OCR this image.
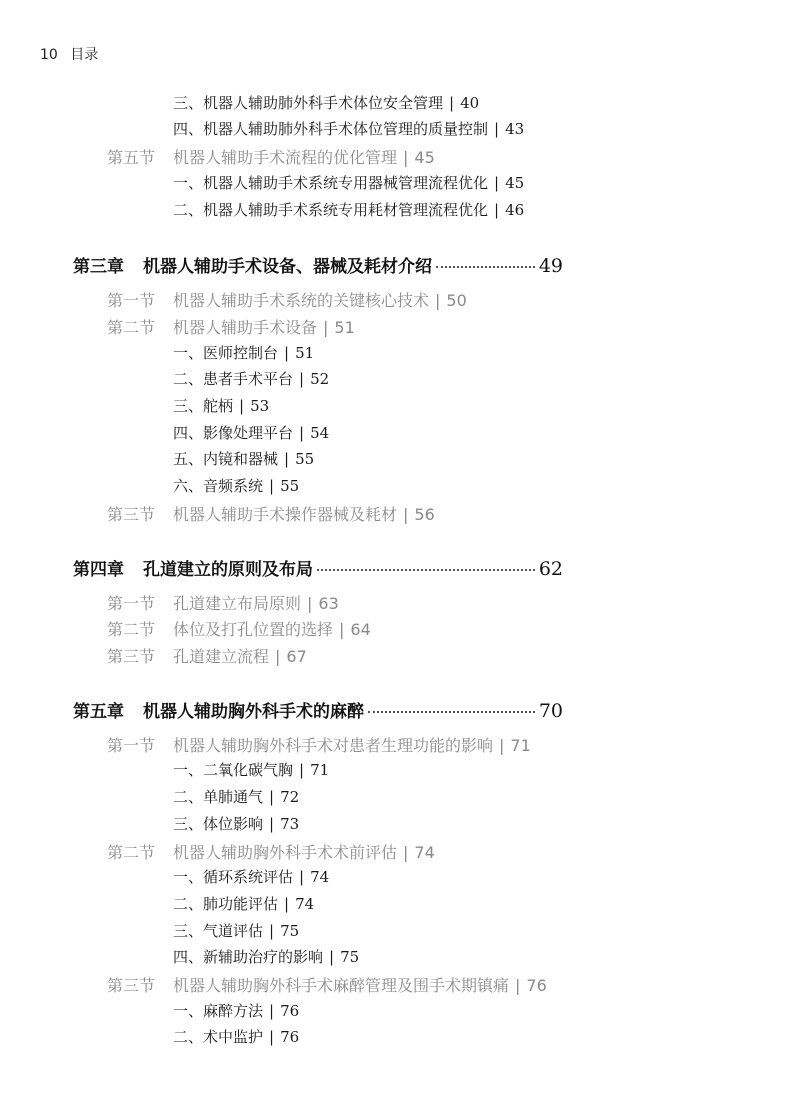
10 目录
三、机器人辅助肺外科手术体位安全管理 | 40
四、机器人辅助肺外科手术体位管理的质量控制 | 43
第五节 机器人辅助手术流程的优化管理 | 45
一、机器人辅助手术系统专用器械管理流程优化 | 45
二、机器人辅助手术系统专用耗材管理流程优化 | 46
第三章	机器人辅助手术设备、器械及耗材介绍	49
第一节 机器人辅助手术系统的关键核心技术 | 50
第二节 机器人辅助手术设备 | 51
一、医师控制台 | 51
二、患者手术平台 | 52
三、舵柄 | 53
四、影像处理平台 | 54
五、内镜和器械 | 55
六、音频系统 | 55
第三节 机器人辅助手术操作器械及耗材 | 56
第四章	孔道建立的原则及布局	62
第一节 孔道建立布局原则 | 63
第二节 体位及打孔位置的选择 | 64
第三节 孔道建立流程 | 67
第五章	机器人辅助胸外科手术的麻醉	70
第一节 机器人辅助胸外科手术对患者生理功能的影响 | 71
一、二氧化碳气胸 | 71
二、单肺通气 | 72
三、体位影响 | 73
第二节 机器人辅助胸外科手术术前评估 | 74
一、循环系统评估 | 74
二、肺功能评估 | 74
三、气道评估 | 75
四、新辅助治疗的影响 | 75
第三节 机器人辅助胸外科手术麻醉管理及围手术期镇痛 | 76
一、麻醉方法 | 76
二、术中监护 | 76
